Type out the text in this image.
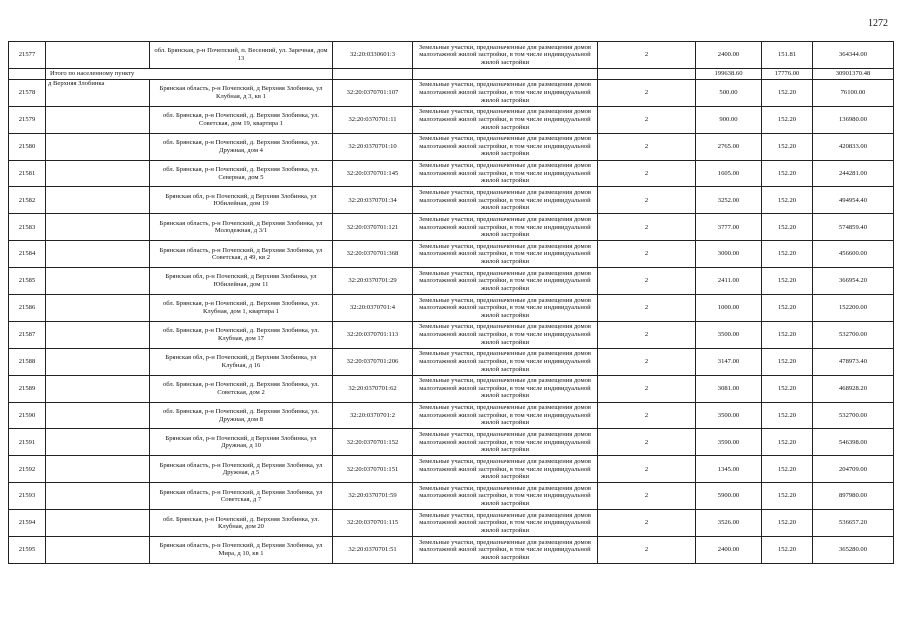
1272
21577		обл. Брянская, р-н Почепский, п. Весенний, ул. Заречная, дом 13	32:20:0330601:3	Земельные участки, предназначенные для размещения домов малоэтажной жилой застройки, в том числе индивидуальной жилой застройки	2	2400.00	151.81	364344.00
	Итого по населенному пункту					199638.60	17776.00	30901370.48
21578	д Верхняя Злобинка	Брянская область, р-н Почепский, д Верхняя Злобинка, ул Клубная, д 3, кв 1	32:20:0370701:107	Земельные участки, предназначенные для размещения домов малоэтажной жилой застройки, в том числе индивидуальной жилой застройки	2	500.00	152.20	76100.00
21579		обл. Брянская, р-н Почепский, д. Верхняя Злобинка, ул. Советская, дом 19, квартира 1	32:20:0370701:11	Земельные участки, предназначенные для размещения домов малоэтажной жилой застройки, в том числе индивидуальной жилой застройки	2	900.00	152.20	136980.00
21580		обл. Брянская, р-н Почепский, д. Верхняя Злобинка, ул. Дружная, дом 4	32:20:0370701:10	Земельные участки, предназначенные для размещения домов малоэтажной жилой застройки, в том числе индивидуальной жилой застройки	2	2765.00	152.20	420833.00
21581		обл. Брянская, р-н Почепский, д. Верхняя Злобинка, ул. Северная, дом 5	32:20:0370701:145	Земельные участки, предназначенные для размещения домов малоэтажной жилой застройки, в том числе индивидуальной жилой застройки	2	1605.00	152.20	244281.00
21582		Брянская обл, р-н Почепский, д Верхняя Злобинка, ул Юбилейная, дом 19	32:20:0370701:34	Земельные участки, предназначенные для размещения домов малоэтажной жилой застройки, в том числе индивидуальной жилой застройки	2	3252.00	152.20	494954.40
21583		Брянская область, р-н Почепский, д Верхняя Злобинка, ул Молодежная, д 3/1	32:20:0370701:121	Земельные участки, предназначенные для размещения домов малоэтажной жилой застройки, в том числе индивидуальной жилой застройки	2	3777.00	152.20	574859.40
21584		Брянская область, р-н Почепский, д Верхняя Злобинка, ул Советская, д 49, кв 2	32:20:0370701:368	Земельные участки, предназначенные для размещения домов малоэтажной жилой застройки, в том числе индивидуальной жилой застройки	2	3000.00	152.20	456600.00
21585		Брянская обл, р-н Почепский, д Верхняя Злобинка, ул Юбилейная, дом 11	32:20:0370701:29	Земельные участки, предназначенные для размещения домов малоэтажной жилой застройки, в том числе индивидуальной жилой застройки	2	2411.00	152.20	366954.20
21586		обл. Брянская, р-н Почепский, д. Верхняя Злобинка, ул. Клубная, дом 1, квартира 1	32:20:0370701:4	Земельные участки, предназначенные для размещения домов малоэтажной жилой застройки, в том числе индивидуальной жилой застройки	2	1000.00	152.20	152200.00
21587		обл. Брянская, р-н Почепский, д. Верхняя Злобинка, ул. Клубная, дом 17	32:20:0370701:113	Земельные участки, предназначенные для размещения домов малоэтажной жилой застройки, в том числе индивидуальной жилой застройки	2	3500.00	152.20	532700.00
21588		Брянская обл, р-н Почепский, д Верхняя Злобинка, ул Клубная, д 16	32:20:0370701:206	Земельные участки, предназначенные для размещения домов малоэтажной жилой застройки, в том числе индивидуальной жилой застройки	2	3147.00	152.20	478973.40
21589		обл. Брянская, р-н Почепский, д. Верхняя Злобинка, ул. Советская, дом 2	32:20:0370701:62	Земельные участки, предназначенные для размещения домов малоэтажной жилой застройки, в том числе индивидуальной жилой застройки	2	3081.00	152.20	468928.20
21590		обл. Брянская, р-н Почепский, д. Верхняя Злобинка, ул. Дружная, дом 8	32:20:0370701:2	Земельные участки, предназначенные для размещения домов малоэтажной жилой застройки, в том числе индивидуальной жилой застройки	2	3500.00	152.20	532700.00
21591		Брянская обл, р-н Почепский, д Верхняя Злобинка, ул Дружная, д 10	32:20:0370701:152	Земельные участки, предназначенные для размещения домов малоэтажной жилой застройки, в том числе индивидуальной жилой застройки	2	3590.00	152.20	546398.00
21592		Брянская область, р-н Почепский, д Верхняя Злобинка, ул Дружная, д 5	32:20:0370701:151	Земельные участки, предназначенные для размещения домов малоэтажной жилой застройки, в том числе индивидуальной жилой застройки	2	1345.00	152.20	204709.00
21593		Брянская область, р-н Почепский, д Верхняя Злобинка, ул Советская, д 7	32:20:0370701:59	Земельные участки, предназначенные для размещения домов малоэтажной жилой застройки, в том числе индивидуальной жилой застройки	2	5900.00	152.20	897980.00
21594		обл. Брянская, р-н Почепский, д. Верхняя Злобинка, ул. Клубная, дом 20	32:20:0370701:115	Земельные участки, предназначенные для размещения домов малоэтажной жилой застройки, в том числе индивидуальной жилой застройки	2	3526.00	152.20	536657.20
21595		Брянская область, р-н Почепский, д Верхняя Злобинка, ул Мира, д 10, кв 1	32:20:0370701:51	Земельные участки, предназначенные для размещения домов малоэтажной жилой застройки, в том числе индивидуальной жилой застройки	2	2400.00	152.20	365280.00
